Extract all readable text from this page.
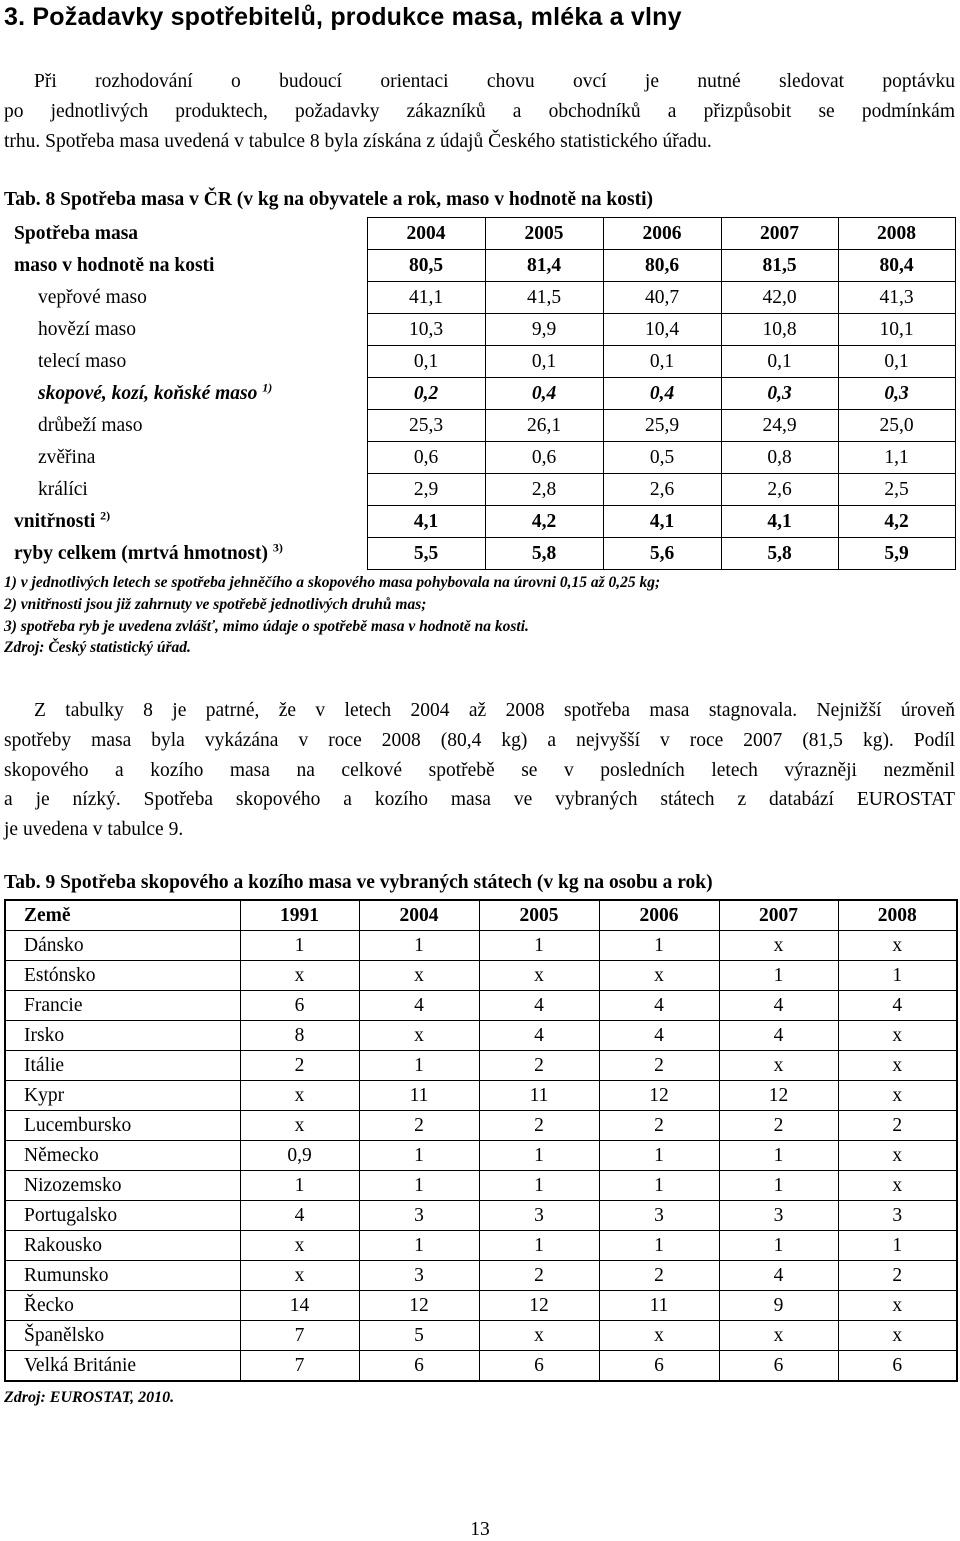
3. Požadavky spotřebitelů, produkce masa, mléka a vlny
Při rozhodování o budoucí orientaci chovu ovcí je nutné sledovat poptávku
po jednotlivých produktech, požadavky zákazníků a obchodníků a přizpůsobit se podmínkám
trhu. Spotřeba masa uvedená v tabulce 8 byla získána z údajů Českého statistického úřadu.

Tab. 8 Spotřeba masa v ČR (v kg na obyvatele a rok, maso v hodnotě na kosti)

Spotřeba masa	2004	2005	2006	2007	2008
maso v hodnotě na kosti	80,5	81,4	80,6	81,5	80,4
vepřové maso	41,1	41,5	40,7	42,0	41,3
hovězí maso	10,3	9,9	10,4	10,8	10,1
telecí maso	0,1	0,1	0,1	0,1	0,1
skopové, kozí, koňské maso $^{1)}$	0,2	0,4	0,4	0,3	0,3
drůbeží maso	25,3	26,1	25,9	24,9	25,0
zvěřina	0,6	0,6	0,5	0,8	1,1
králíci	2,9	2,8	2,6	2,6	2,5
vnitřnosti $^{2)}$	4,1	4,2	4,1	4,1	4,2
ryby celkem (mrtvá hmotnost) $^{3)}$	5,5	5,8	5,6	5,8	5,9
1) v jednotlivých letech se spotřeba jehněčího a skopového masa pohybovala na úrovni 0,15 až 0,25 kg;
2) vnitřnosti jsou již zahrnuty ve spotřebě jednotlivých druhů mas;
3) spotřeba ryb je uvedena zvlášť, mimo údaje o spotřebě masa v hodnotě na kosti.
Zdroj: Český statistický úřad.
Z tabulky 8 je patrné, že v letech 2004 až 2008 spotřeba masa stagnovala. Nejnižší úroveň
spotřeby masa byla vykázána v roce 2008 (80,4 kg) a nejvyšší v roce 2007 (81,5 kg). Podíl
skopového a kozího masa na celkové spotřebě se v posledních letech výrazněji nezměnil
a je nízký. Spotřeba skopového a kozího masa ve vybraných státech z databází EUROSTAT
je uvedena v tabulce 9.

Tab. 9 Spotřeba skopového a kozího masa ve vybraných státech (v kg na osobu a rok)

Země	1991	2004	2005	2006	2007	2008
Dánsko	1	1	1	1	x	x
Estónsko	x	x	x	x	1	1
Francie	6	4	4	4	4	4
Irsko	8	x	4	4	4	x
Itálie	2	1	2	2	x	x
Kypr	x	11	11	12	12	x
Lucembursko	x	2	2	2	2	2
Německo	0,9	1	1	1	1	x
Nizozemsko	1	1	1	1	1	x
Portugalsko	4	3	3	3	3	3
Rakousko	x	1	1	1	1	1
Rumunsko	x	3	2	2	4	2
Řecko	14	12	12	11	9	x
Španělsko	7	5	x	x	x	x
Velká Británie	7	6	6	6	6	6

Zdroj: EUROSTAT, 2010.

13
